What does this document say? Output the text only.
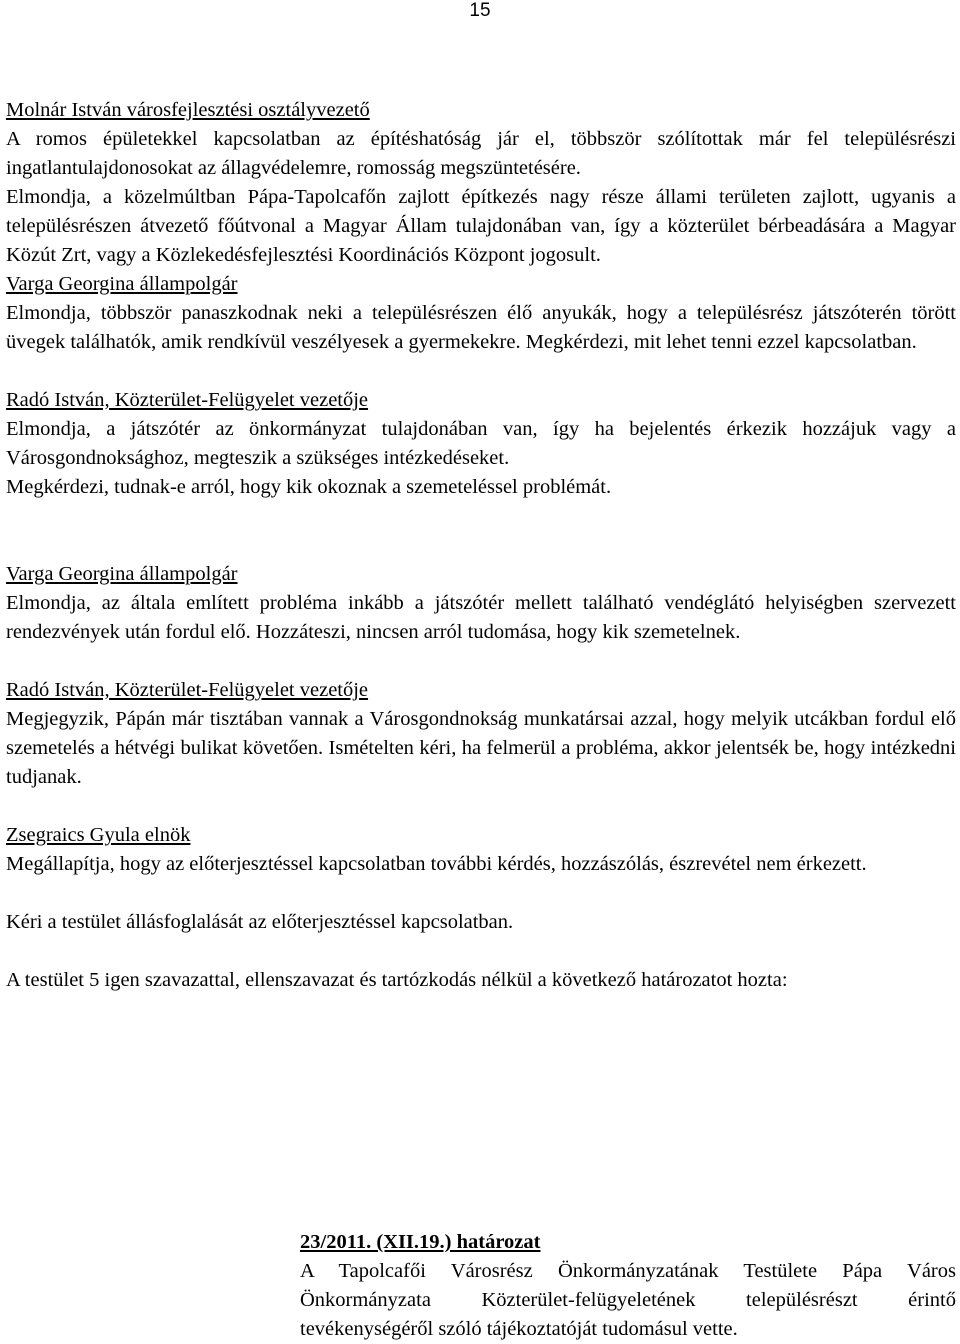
15

Molnár István városfejlesztési osztályvezető

A romos épületekkel kapcsolatban az építéshatóság jár el, többször szólítottak már fel településrészi ingatlantulajdonosokat az állagvédelemre, romosság megszüntetésére.

Elmondja, a közelmúltban Pápa-Tapolcafőn zajlott építkezés nagy része állami területen zajlott, ugyanis a településrészen átvezető főútvonal a Magyar Állam tulajdonában van, így a közterület bérbeadására a Magyar Közút Zrt, vagy a Közlekedésfejlesztési Koordinációs Központ jogosult.

Varga Georgina állampolgár

Elmondja, többször panaszkodnak neki a településrészen élő anyukák, hogy a településrész játszóterén törött üvegek találhatók, amik rendkívül veszélyesek a gyermekekre. Megkérdezi, mit lehet tenni ezzel kapcsolatban.

Radó István, Közterület-Felügyelet vezetője

Elmondja, a játszótér az önkormányzat tulajdonában van, így ha bejelentés érkezik hozzájuk vagy a Városgondnoksághoz, megteszik a szükséges intézkedéseket.

Megkérdezi, tudnak-e arról, hogy kik okoznak a szemeteléssel problémát.

Varga Georgina állampolgár

Elmondja, az általa említett probléma inkább a játszótér mellett található vendéglátó helyiségben szervezett rendezvények után fordul elő. Hozzáteszi, nincsen arról tudomása, hogy kik szemetelnek.

Radó István, Közterület-Felügyelet vezetője

Megjegyzik, Pápán már tisztában vannak a Városgondnokság munkatársai azzal, hogy melyik utcákban fordul elő szemetelés a hétvégi bulikat követően. Ismételten kéri, ha felmerül a probléma, akkor jelentsék be, hogy intézkedni tudjanak.

Zsegraics Gyula elnök

Megállapítja, hogy az előterjesztéssel kapcsolatban további kérdés, hozzászólás, észrevétel nem érkezett.

Kéri a testület állásfoglalását az előterjesztéssel kapcsolatban.

A testület 5 igen szavazattal, ellenszavazat és tartózkodás nélkül a következő határozatot hozta:

23/2011. (XII.19.) határozat

A Tapolcafői Városrész Önkormányzatának Testülete Pápa Város Önkormányzata Közterület-felügyeletének településrészt érintő tevékenységéről szóló tájékoztatóját tudomásul vette.
